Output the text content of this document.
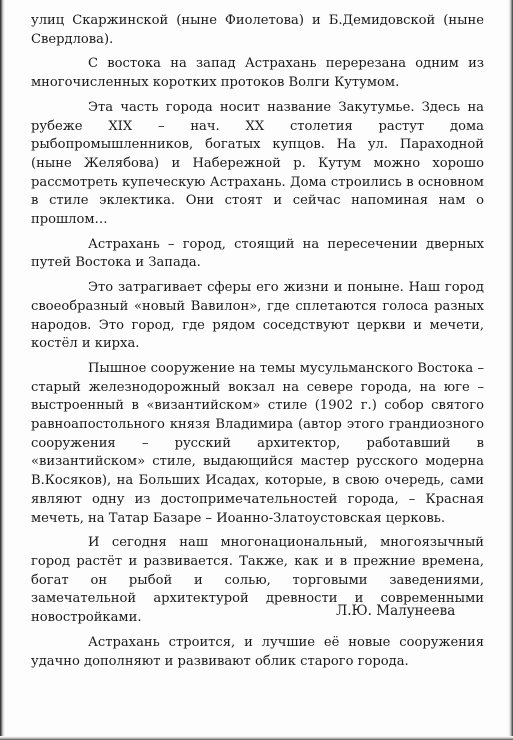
улиц Скаржинской (ныне Фиолетова) и Б.Демидовской (ныне Свердлова).

С востока на запад Астрахань перерезана одним из многочисленных коротких протоков Волги Кутумом.

Эта часть города носит название Закутумье. Здесь на рубеже XIX – нач. XX столетия растут дома рыбопромышленников, богатых купцов. На ул. Параходной (ныне Желябова) и Набережной р. Кутум можно хорошо рассмотреть купеческую Астрахань. Дома строились в основном в стиле эклектика. Они стоят и сейчас напоминая нам о прошлом…

Астрахань – город, стоящий на пересечении дверных путей Востока и Запада.

Это затрагивает сферы его жизни и поныне. Наш город своеобразный «новый Вавилон», где сплетаются голоса разных народов. Это город, где рядом соседствуют церкви и мечети, костёл и кирха.

Пышное сооружение на темы мусульманского Востока – старый железнодорожный вокзал на севере города, на юге – выстроенный в «византийском» стиле (1902 г.) собор святого равноапостольного князя Владимира (автор этого грандиозного сооружения – русский архитектор, работавший в «византийском» стиле, выдающийся мастер русского модерна В.Косяков), на Больших Исадах, которые, в свою очередь, сами являют одну из достопримечательностей города, – Красная мечеть, на Татар Базаре – Иоанно-Златоустовская церковь.

И сегодня наш многонациональный, многоязычный город растёт и развивается. Также, как и в прежние времена, богат он рыбой и солью, торговыми заведениями, замечательной архитектурой древности и современными новостройками.

Астрахань строится, и лучшие её новые сооружения удачно дополняют и развивают облик старого города.

Л.Ю. Малунеева
